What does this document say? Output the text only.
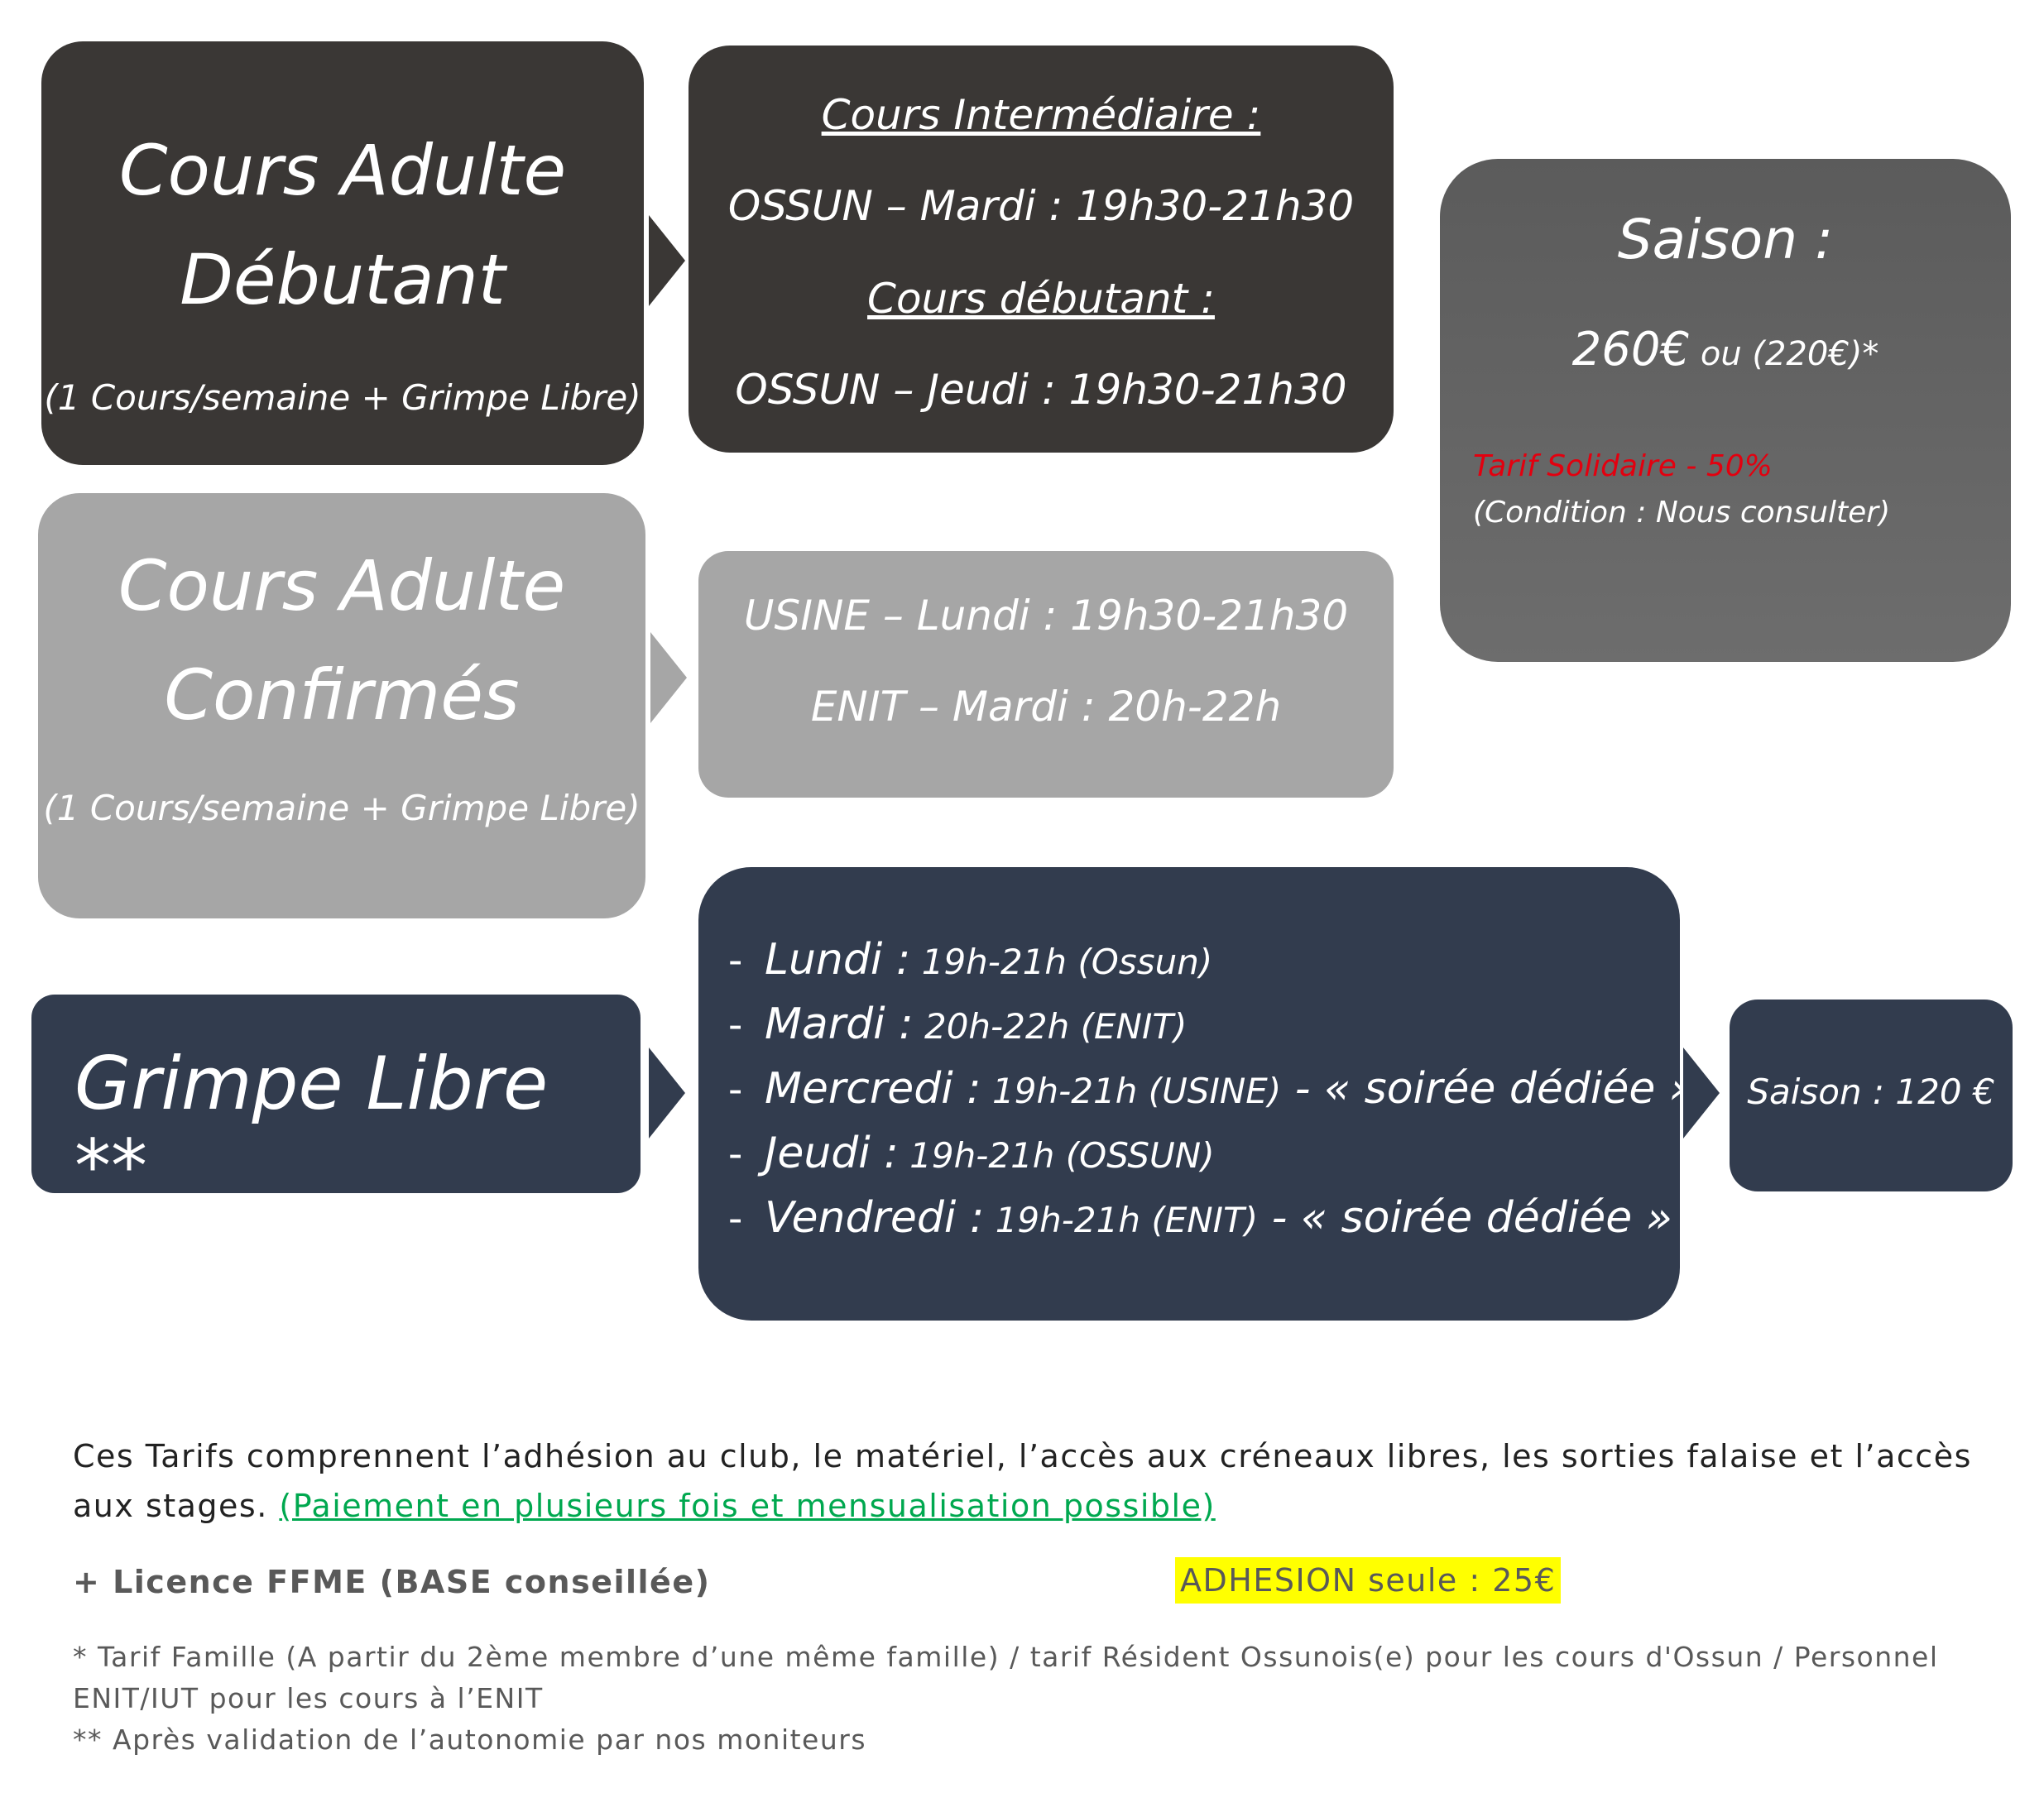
Cours Adulte
Débutant
(1 Cours/semaine + Grimpe Libre)
Cours Intermédiaire :
OSSUN – Mardi : 19h30-21h30
Cours débutant :
OSSUN – Jeudi : 19h30-21h30
Saison :
260€ ou (220€)*
Tarif Solidaire - 50%
(Condition : Nous consulter)
Cours Adulte
Confirmés
(1 Cours/semaine + Grimpe Libre)
USINE – Lundi : 19h30-21h30
ENIT – Mardi : 20h-22h
Grimpe Libre **
- Lundi : 19h-21h (Ossun)
- Mardi : 20h-22h (ENIT)
- Mercredi : 19h-21h (USINE) - « soirée dédiée »
- Jeudi : 19h-21h (OSSUN)
- Vendredi : 19h-21h (ENIT) - « soirée dédiée »
Saison : 120 €
Ces Tarifs comprennent l’adhésion au club, le matériel, l’accès aux créneaux libres, les sorties falaise et l’accès aux stages. (Paiement en plusieurs fois et mensualisation possible)
+ Licence FFME (BASE conseillée)	ADHESION seule : 25€
* Tarif Famille (A partir du 2ème membre d’une même famille) / tarif Résident Ossunois(e) pour les cours d'Ossun / Personnel ENIT/IUT pour les cours à l’ENIT
** Après validation de l’autonomie par nos moniteurs
